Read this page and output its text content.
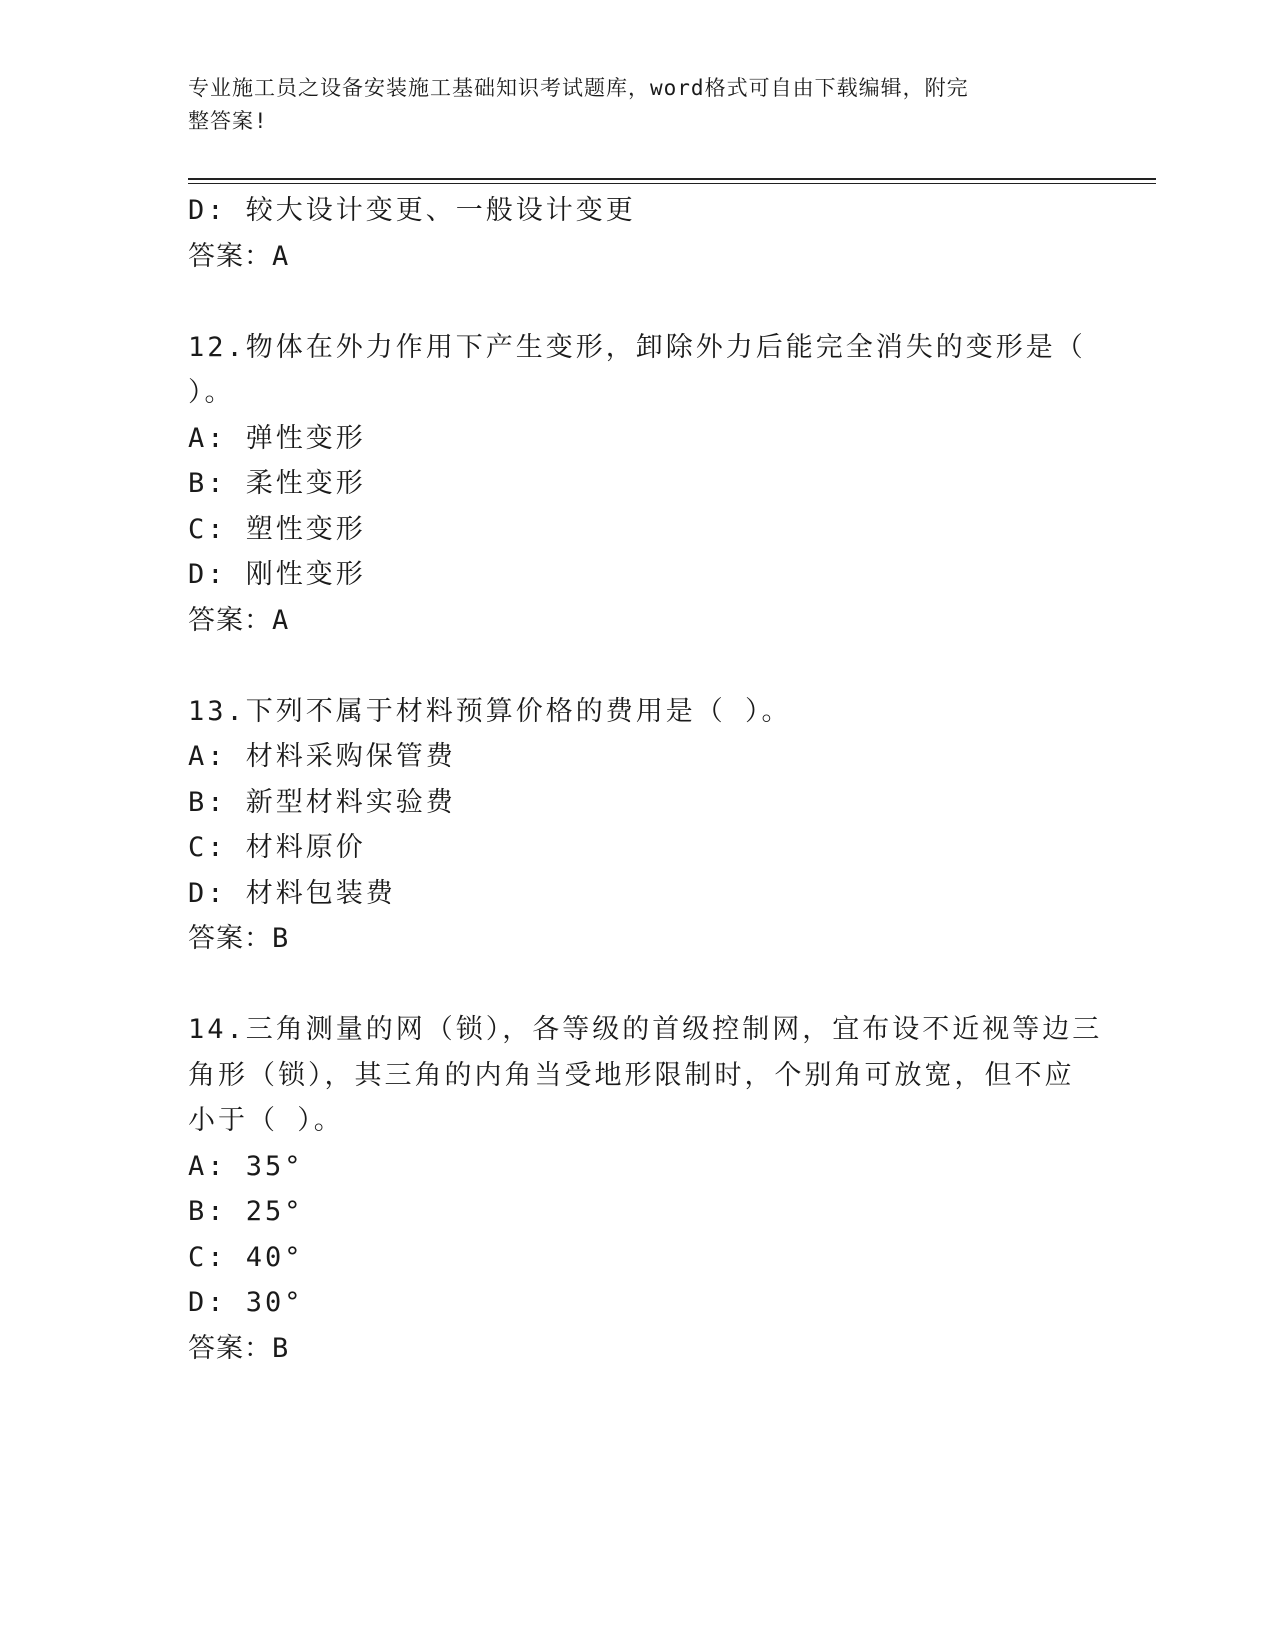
专业施工员之设备安装施工基础知识考试题库，word格式可自由下载编辑，附完
整答案!
D: 较大设计变更、一般设计变更
答案：A
12.物体在外力作用下产生变形，卸除外力后能完全消失的变形是（
）。
A: 弹性变形
B: 柔性变形
C: 塑性变形
D: 刚性变形
答案：A
13.下列不属于材料预算价格的费用是（ ）。
A: 材料采购保管费
B: 新型材料实验费
C: 材料原价
D: 材料包装费
答案：B
14.三角测量的网（锁），各等级的首级控制网，宜布设不近视等边三
角形（锁），其三角的内角当受地形限制时，个别角可放宽，但不应
小于（ ）。
A: 35°
B: 25°
C: 40°
D: 30°
答案：B
